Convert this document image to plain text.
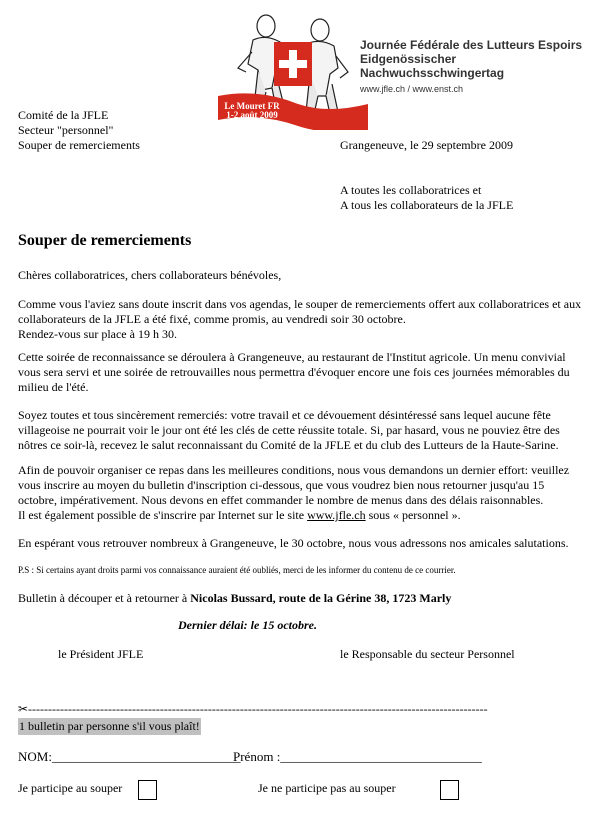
Le Mouret FR
1-2 août 2009
Journée Fédérale des Lutteurs Espoirs
Eidgenössischer Nachwuchsschwingertag
www.jfle.ch / www.enst.ch
Comité de la JFLE
Secteur "personnel"
Souper de remerciements	Grangeneuve, le 29 septembre 2009
A toutes les collaboratrices et
A tous les collaborateurs de la JFLE
Souper de remerciements
Chères collaboratrices, chers collaborateurs bénévoles,
Comme vous l'aviez sans doute inscrit dans vos agendas, le souper de remerciements offert aux collaboratrices et aux collaborateurs de la JFLE a été fixé, comme promis, au vendredi soir 30 octobre.
Rendez-vous sur place à 19 h 30.
Cette soirée de reconnaissance se déroulera à Grangeneuve, au restaurant de l'Institut agricole. Un menu convivial vous sera servi et une soirée de retrouvailles nous permettra d'évoquer encore une fois ces journées mémorables du milieu de l'été.
Soyez toutes et tous sincèrement remerciés: votre travail et ce dévouement désintéressé sans lequel aucune fête villageoise ne pourrait voir le jour ont été les clés de cette réussite totale. Si, par hasard, vous ne pouviez être des nôtres ce soir-là, recevez le salut reconnaissant du Comité de la JFLE et du club des Lutteurs de la Haute-Sarine.
Afin de pouvoir organiser ce repas dans les meilleures conditions, nous vous demandons un dernier effort: veuillez vous inscrire au moyen du bulletin d'inscription ci-dessous, que vous voudrez bien nous retourner jusqu'au 15 octobre, impérativement. Nous devons en effet commander le nombre de menus dans des délais raisonnables.
Il est également possible de s'inscrire par Internet sur le site www.jfle.ch sous « personnel ».
En espérant vous retrouver nombreux à Grangeneuve, le 30 octobre, nous vous adressons nos amicales salutations.
P.S : Si certains ayant droits parmi vos connaissance auraient été oubliés, merci de les informer du contenu de ce courrier.
Bulletin à découper et à retourner à Nicolas Bussard, route de la Gérine 38, 1723 Marly
Dernier délai: le 15 octobre.
le Président JFLE	le Responsable du secteur Personnel
✂-------------------------------------------------------------------------------------------------------------------
1 bulletin par personne s'il vous plaît!
NOM:_____________________________
Prénom :_______________________________
Je participe au souper	Je ne participe pas au souper
